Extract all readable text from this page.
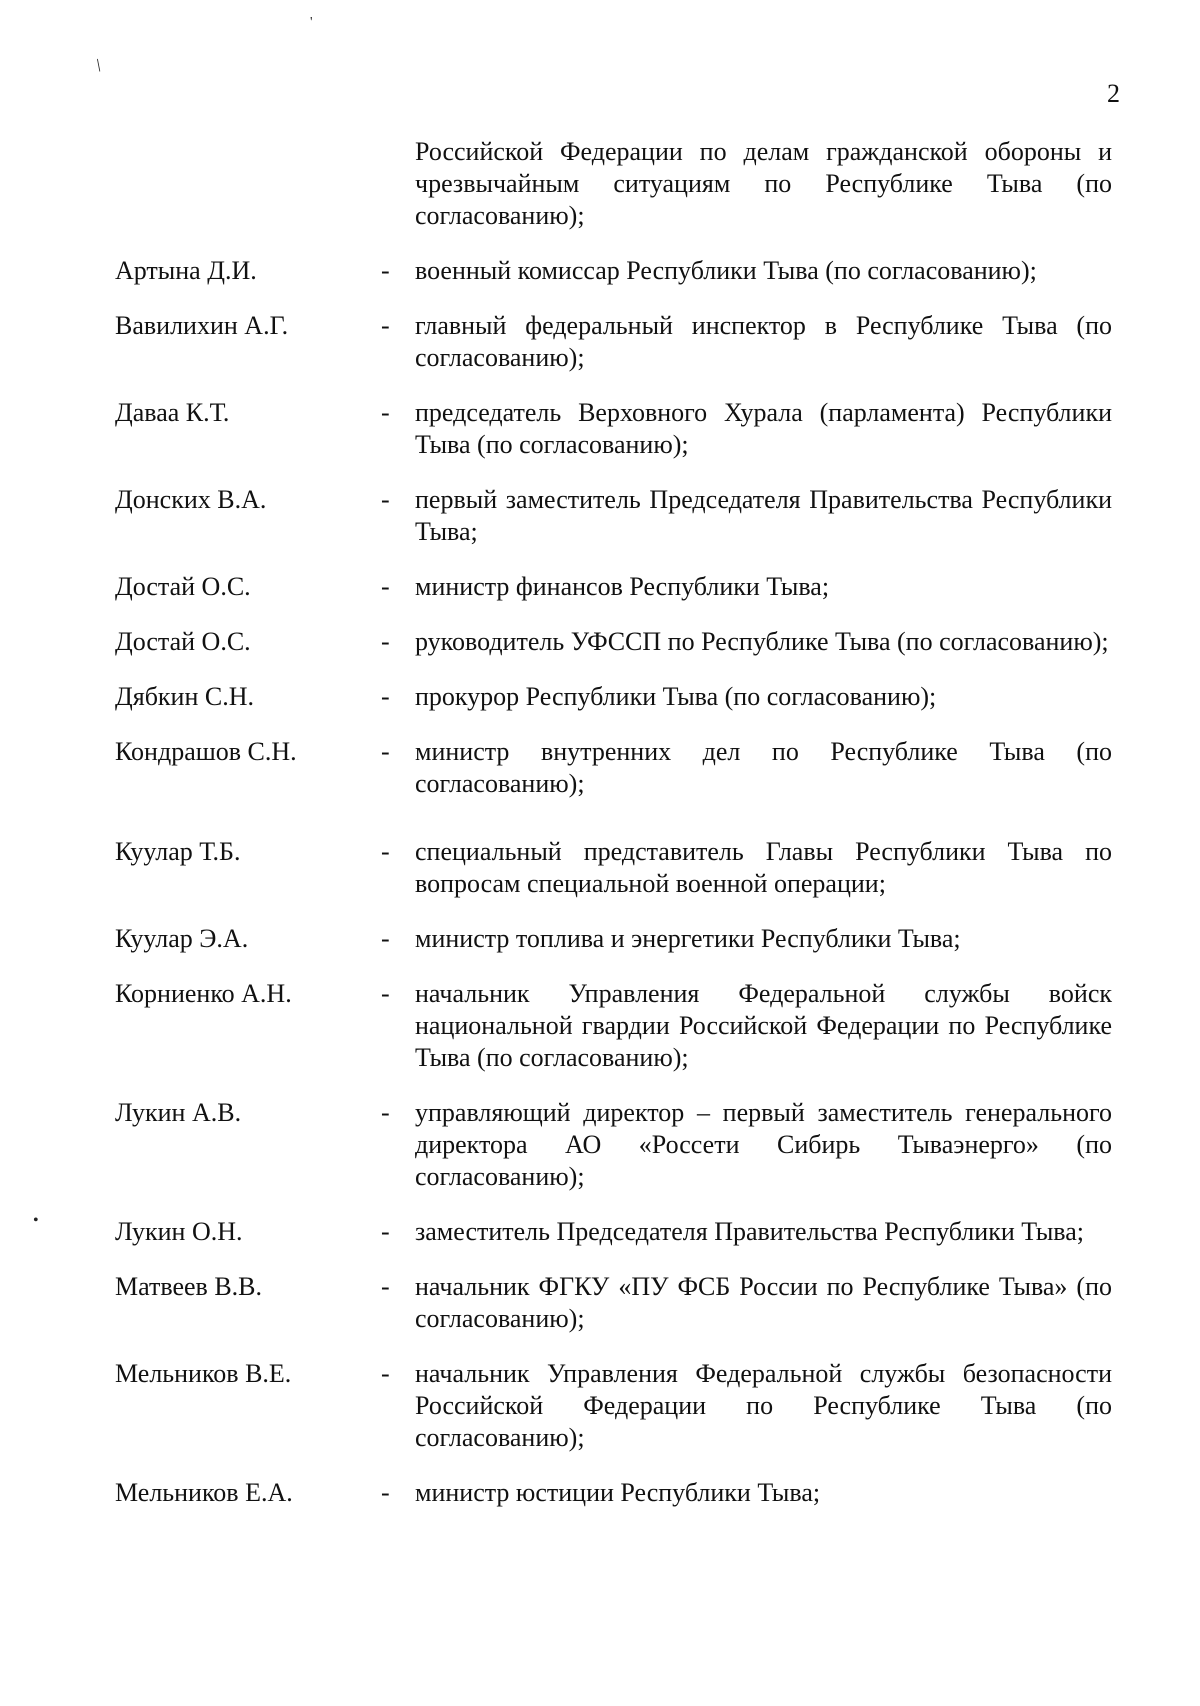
/
'
•
2
Российской Федерации по делам гражданской обороны и чрезвычайным ситуациям по Республике Тыва (по согласованию);
Артына Д.И.	- военный комиссар Республики Тыва (по согласованию);
Вавилихин А.Г.	- главный федеральный инспектор в Республике Тыва (по согласованию);
Даваа К.Т.	- председатель Верховного Хурала (парламента) Республики Тыва (по согласованию);
Донских В.А.	- первый заместитель Председателя Правительства Республики Тыва;
Достай О.С.	- министр финансов Республики Тыва;
Достай О.С.	- руководитель УФССП по Республике Тыва (по согласованию);
Дябкин С.Н.	- прокурор Республики Тыва (по согласованию);
Кондрашов С.Н.	- министр внутренних дел по Республике Тыва (по согласованию);
Куулар Т.Б.	- специальный представитель Главы Республики Тыва по вопросам специальной военной операции;
Куулар Э.А.	- министр топлива и энергетики Республики Тыва;
Корниенко А.Н.	- начальник Управления Федеральной службы войск национальной гвардии Российской Федерации по Республике Тыва (по согласованию);
Лукин А.В.	- управляющий директор – первый заместитель генерального директора АО «Россети Сибирь Тываэнерго» (по согласованию);
Лукин О.Н.	- заместитель Председателя Правительства Республики Тыва;
Матвеев В.В.	- начальник ФГКУ «ПУ ФСБ России по Республике Тыва» (по согласованию);
Мельников В.Е.	- начальник Управления Федеральной службы безопасности Российской Федерации по Республике Тыва (по согласованию);
Мельников Е.А.	- министр юстиции Республики Тыва;
